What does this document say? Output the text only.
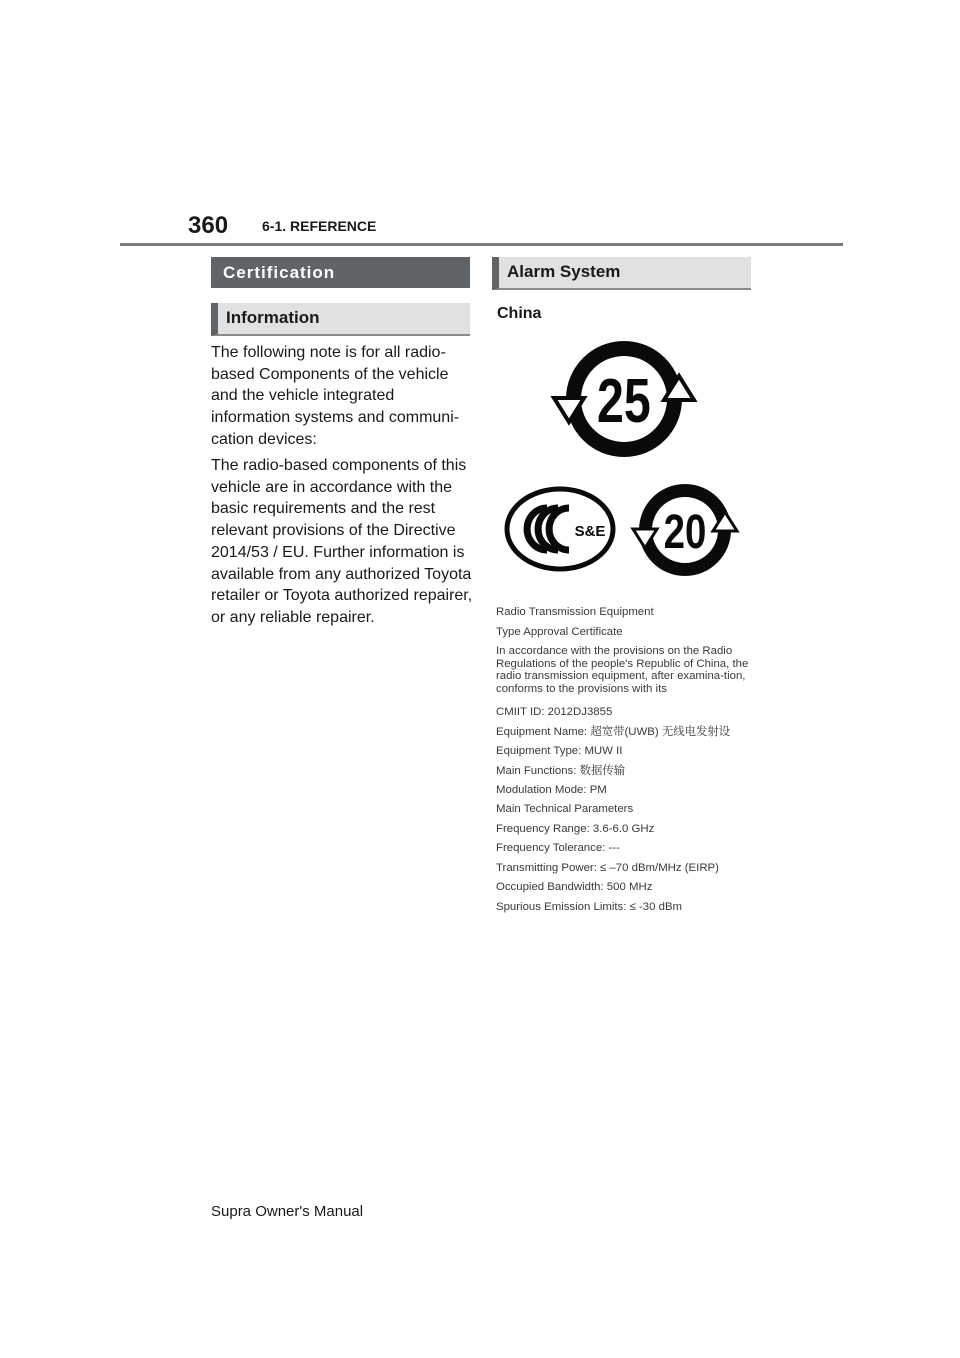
360 6-1. REFERENCE
Certification
Information

The following note is for all radio-based Components of the vehicle and the vehicle integrated information systems and communi-cation devices:

The radio-based components of this vehicle are in accordance with the basic requirements and the rest relevant provisions of the Directive 2014/53 / EU. Further information is available from any authorized Toyota retailer or Toyota authorized repairer, or any reliable repairer.

Alarm System
China
25
S&E 20
Radio Transmission Equipment
Type Approval Certificate
In accordance with the provisions on the Radio Regulations of the people's Republic of China, the radio transmission equipment, after examina-tion, conforms to the provisions with its
CMIIT ID: 2012DJ3855
Equipment Name: 超宽带(UWB) 无线电发射设
Equipment Type: MUW II
Main Functions: 数据传输
Modulation Mode: PM
Main Technical Parameters
Frequency Range: 3.6-6.0 GHz
Frequency Tolerance: ---
Transmitting Power: ≤ –70 dBm/MHz (EIRP)
Occupied Bandwidth: 500 MHz
Spurious Emission Limits: ≤ -30 dBm
Supra Owner's Manual
